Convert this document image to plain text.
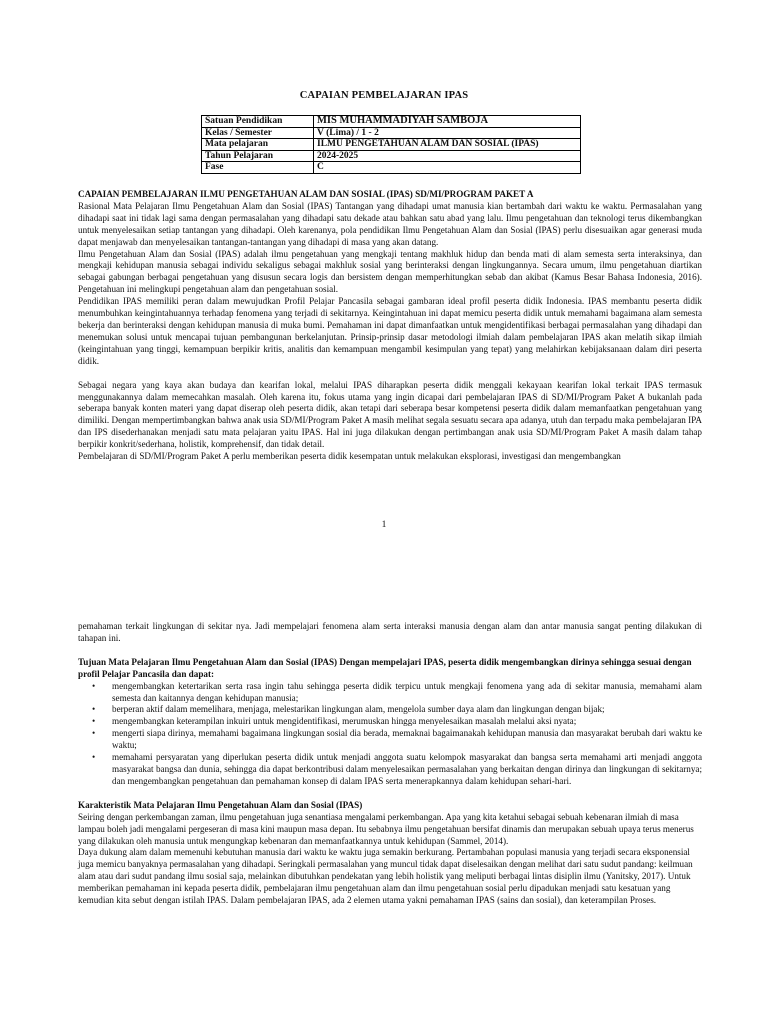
CAPAIAN PEMBELAJARAN IPAS
Satuan Pendidikan	MIS MUHAMMADIYAH SAMBOJA
Kelas / Semester	V (Lima) / 1 - 2
Mata pelajaran	ILMU PENGETAHUAN ALAM DAN SOSIAL (IPAS)
Tahun Pelajaran	2024-2025
Fase	C

CAPAIAN PEMBELAJARAN ILMU PENGETAHUAN ALAM DAN SOSIAL (IPAS) SD/MI/PROGRAM PAKET A

Rasional Mata Pelajaran Ilmu Pengetahuan Alam dan Sosial (IPAS) Tantangan yang dihadapi umat manusia kian bertambah dari waktu ke waktu. Permasalahan yang dihadapi saat ini tidak lagi sama dengan permasalahan yang dihadapi satu dekade atau bahkan satu abad yang lalu. Ilmu pengetahuan dan teknologi terus dikembangkan untuk menyelesaikan setiap tantangan yang dihadapi. Oleh karenanya, pola pendidikan Ilmu Pengetahuan Alam dan Sosial (IPAS) perlu disesuaikan agar generasi muda dapat menjawab dan menyelesaikan tantangan-tantangan yang dihadapi di masa yang akan datang.

Ilmu Pengetahuan Alam dan Sosial (IPAS) adalah ilmu pengetahuan yang mengkaji tentang makhluk hidup dan benda mati di alam semesta serta interaksinya, dan mengkaji kehidupan manusia sebagai individu sekaligus sebagai makhluk sosial yang berinteraksi dengan lingkungannya. Secara umum, ilmu pengetahuan diartikan sebagai gabungan berbagai pengetahuan yang disusun secara logis dan bersistem dengan memperhitungkan sebab dan akibat (Kamus Besar Bahasa Indonesia, 2016). Pengetahuan ini melingkupi pengetahuan alam dan pengetahuan sosial.

Pendidikan IPAS memiliki peran dalam mewujudkan Profil Pelajar Pancasila sebagai gambaran ideal profil peserta didik Indonesia. IPAS membantu peserta didik menumbuhkan keingintahuannya terhadap fenomena yang terjadi di sekitarnya. Keingintahuan ini dapat memicu peserta didik untuk memahami bagaimana alam semesta bekerja dan berinteraksi dengan kehidupan manusia di muka bumi. Pemahaman ini dapat dimanfaatkan untuk mengidentifikasi berbagai permasalahan yang dihadapi dan menemukan solusi untuk mencapai tujuan pembangunan berkelanjutan. Prinsip-prinsip dasar metodologi ilmiah dalam pembelajaran IPAS akan melatih sikap ilmiah (keingintahuan yang tinggi, kemampuan berpikir kritis, analitis dan kemampuan mengambil kesimpulan yang tepat) yang melahirkan kebijaksanaan dalam diri peserta didik.

Sebagai negara yang kaya akan budaya dan kearifan lokal, melalui IPAS diharapkan peserta didik menggali kekayaan kearifan lokal terkait IPAS termasuk menggunakannya dalam memecahkan masalah. Oleh karena itu, fokus utama yang ingin dicapai dari pembelajaran IPAS di SD/MI/Program Paket A bukanlah pada seberapa banyak konten materi yang dapat diserap oleh peserta didik, akan tetapi dari seberapa besar kompetensi peserta didik dalam memanfaatkan pengetahuan yang dimiliki. Dengan mempertimbangkan bahwa anak usia SD/MI/Program Paket A masih melihat segala sesuatu secara apa adanya, utuh dan terpadu maka pembelajaran IPA dan IPS disederhanakan menjadi satu mata pelajaran yaitu IPAS. Hal ini juga dilakukan dengan pertimbangan anak usia SD/MI/Program Paket A masih dalam tahap berpikir konkrit/sederhana, holistik, komprehensif, dan tidak detail.

Pembelajaran di SD/MI/Program Paket A perlu memberikan peserta didik kesempatan untuk melakukan eksplorasi, investigasi dan mengembangkan

1

pemahaman terkait lingkungan di sekitar nya. Jadi mempelajari fenomena alam serta interaksi manusia dengan alam dan antar manusia sangat penting dilakukan di tahapan ini.

Tujuan Mata Pelajaran Ilmu Pengetahuan Alam dan Sosial (IPAS) Dengan mempelajari IPAS, peserta didik mengembangkan dirinya sehingga sesuai dengan profil Pelajar Pancasila dan dapat:

• mengembangkan ketertarikan serta rasa ingin tahu sehingga peserta didik terpicu untuk mengkaji fenomena yang ada di sekitar manusia, memahami alam semesta dan kaitannya dengan kehidupan manusia;
• berperan aktif dalam memelihara, menjaga, melestarikan lingkungan alam, mengelola sumber daya alam dan lingkungan dengan bijak;
• mengembangkan keterampilan inkuiri untuk mengidentifikasi, merumuskan hingga menyelesaikan masalah melalui aksi nyata;
• mengerti siapa dirinya, memahami bagaimana lingkungan sosial dia berada, memaknai bagaimanakah kehidupan manusia dan masyarakat berubah dari waktu ke waktu;
• memahami persyaratan yang diperlukan peserta didik untuk menjadi anggota suatu kelompok masyarakat dan bangsa serta memahami arti menjadi anggota masyarakat bangsa dan dunia, sehingga dia dapat berkontribusi dalam menyelesaikan permasalahan yang berkaitan dengan dirinya dan lingkungan di sekitarnya; dan mengembangkan pengetahuan dan pemahaman konsep di dalam IPAS serta menerapkannya dalam kehidupan sehari-hari.

Karakteristik Mata Pelajaran Ilmu Pengetahuan Alam dan Sosial (IPAS)

Seiring dengan perkembangan zaman, ilmu pengetahuan juga senantiasa mengalami perkembangan. Apa yang kita ketahui sebagai sebuah kebenaran ilmiah di masa lampau boleh jadi mengalami pergeseran di masa kini maupun masa depan. Itu sebabnya ilmu pengetahuan bersifat dinamis dan merupakan sebuah upaya terus menerus yang dilakukan oleh manusia untuk mengungkap kebenaran dan memanfaatkannya untuk kehidupan (Sammel, 2014).

Daya dukung alam dalam memenuhi kebutuhan manusia dari waktu ke waktu juga semakin berkurang. Pertambahan populasi manusia yang terjadi secara eksponensial juga memicu banyaknya permasalahan yang dihadapi. Seringkali permasalahan yang muncul tidak dapat diselesaikan dengan melihat dari satu sudut pandang: keilmuan alam atau dari sudut pandang ilmu sosial saja, melainkan dibutuhkan pendekatan yang lebih holistik yang meliputi berbagai lintas disiplin ilmu (Yanitsky, 2017). Untuk memberikan pemahaman ini kepada peserta didik, pembelajaran ilmu pengetahuan alam dan ilmu pengetahuan sosial perlu dipadukan menjadi satu kesatuan yang kemudian kita sebut dengan istilah IPAS. Dalam pembelajaran IPAS, ada 2 elemen utama yakni pemahaman IPAS (sains dan sosial), dan keterampilan Proses.
